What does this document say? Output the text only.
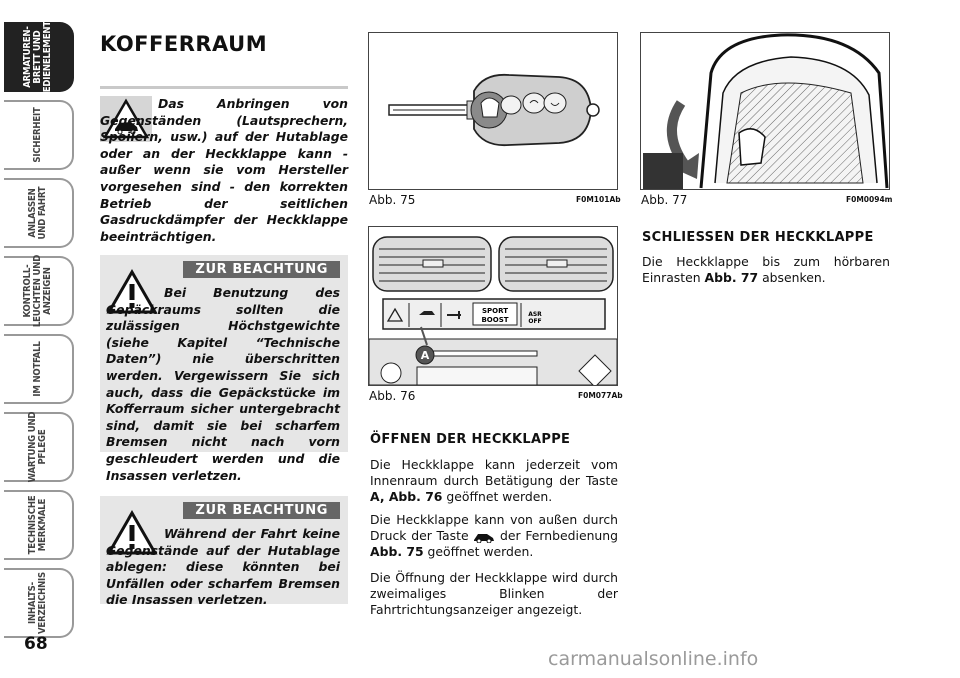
ARMATUREN-
BRETT UND
BEDIENELEMENTE
SICHERHEIT
ANLASSEN
UND FAHRT
KONTROLL-
LEUCHTEN UND
ANZEIGEN
IM NOTFALL
WARTUNG UND
PFLEGE
TECHNISCHE
MERKMALE
INHALTS-
VERZEICHNIS
68
KOFFERRAUM
Das Anbringen von Gegenständen (Lautsprechern, Spoilern, usw.) auf der Hutablage oder an der Heckklappe kann - außer wenn sie vom Hersteller vorgesehen sind - den korrekten Betrieb der seitlichen Gasdruckdämpfer der Heckklappe beeinträchtigen.
ZUR BEACHTUNG
Bei Benutzung des Gepäckraums sollten die zulässigen Höchstgewichte (siehe Kapitel “Technische Daten”) nie überschritten werden. Vergewissern Sie sich auch, dass die Gepäckstücke im Kofferraum sicher untergebracht sind, damit sie bei scharfem Bremsen nicht nach vorn geschleudert werden und die Insassen verletzen.
ZUR BEACHTUNG
Während der Fahrt keine Gegenstände auf der Hutablage ablegen: diese könnten bei Unfällen oder scharfem Bremsen die Insassen verletzen.
Abb. 75	F0M101Ab Abb. 77	F0M0094m
SPORT
BOOST
ASR
OFF
A
Abb. 76	F0M077Ab
ÖFFNEN DER HECKKLAPPE
Die Heckklappe kann jederzeit vom Innenraum durch Betätigung der Taste A, Abb. 76 geöffnet werden.
Die Heckklappe kann von außen durch Druck der Taste  der Fernbedienung Abb. 75 geöffnet werden.
Die Öffnung der Heckklappe wird durch zweimaliges Blinken der Fahrtrichtungsanzeiger angezeigt.
SCHLIESSEN DER HECKKLAPPE
Die Heckklappe bis zum hörbaren Einrasten Abb. 77 absenken.
carmanualsonline.info
